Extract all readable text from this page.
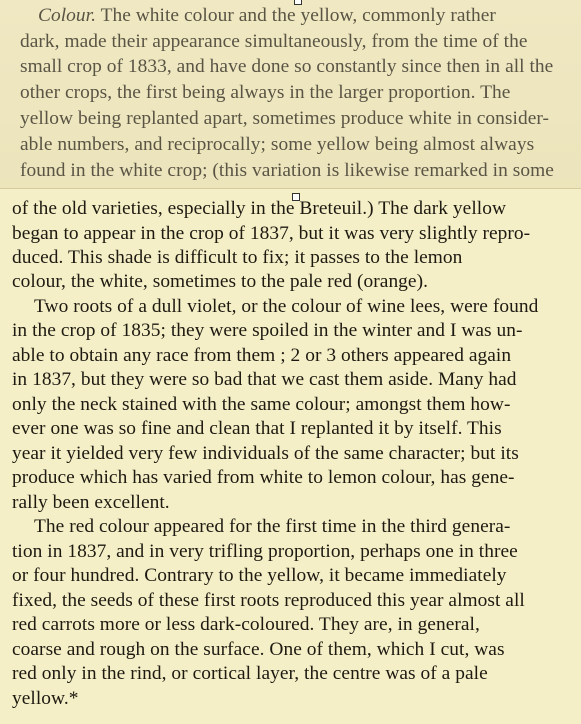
Colour. The white colour and the yellow, commonly rather
dark, made their appearance simultaneously, from the time of the
small crop of 1833, and have done so constantly since then in all the
other crops, the first being always in the larger proportion. The
yellow being replanted apart, sometimes produce white in consider-
able numbers, and reciprocally; some yellow being almost always
found in the white crop; (this variation is likewise remarked in some
of the old varieties, especially in the Breteuil.) The dark yellow
began to appear in the crop of 1837, but it was very slightly repro-
duced. This shade is difficult to fix; it passes to the lemon
colour, the white, sometimes to the pale red (orange).
Two roots of a dull violet, or the colour of wine lees, were found
in the crop of 1835; they were spoiled in the winter and I was un-
able to obtain any race from them ; 2 or 3 others appeared again
in 1837, but they were so bad that we cast them aside. Many had
only the neck stained with the same colour; amongst them how-
ever one was so fine and clean that I replanted it by itself. This
year it yielded very few individuals of the same character; but its
produce which has varied from white to lemon colour, has gene-
rally been excellent.
The red colour appeared for the first time in the third genera-
tion in 1837, and in very trifling proportion, perhaps one in three
or four hundred. Contrary to the yellow, it became immediately
fixed, the seeds of these first roots reproduced this year almost all
red carrots more or less dark-coloured. They are, in general,
coarse and rough on the surface. One of them, which I cut, was
red only in the rind, or cortical layer, the centre was of a pale
yellow.*
